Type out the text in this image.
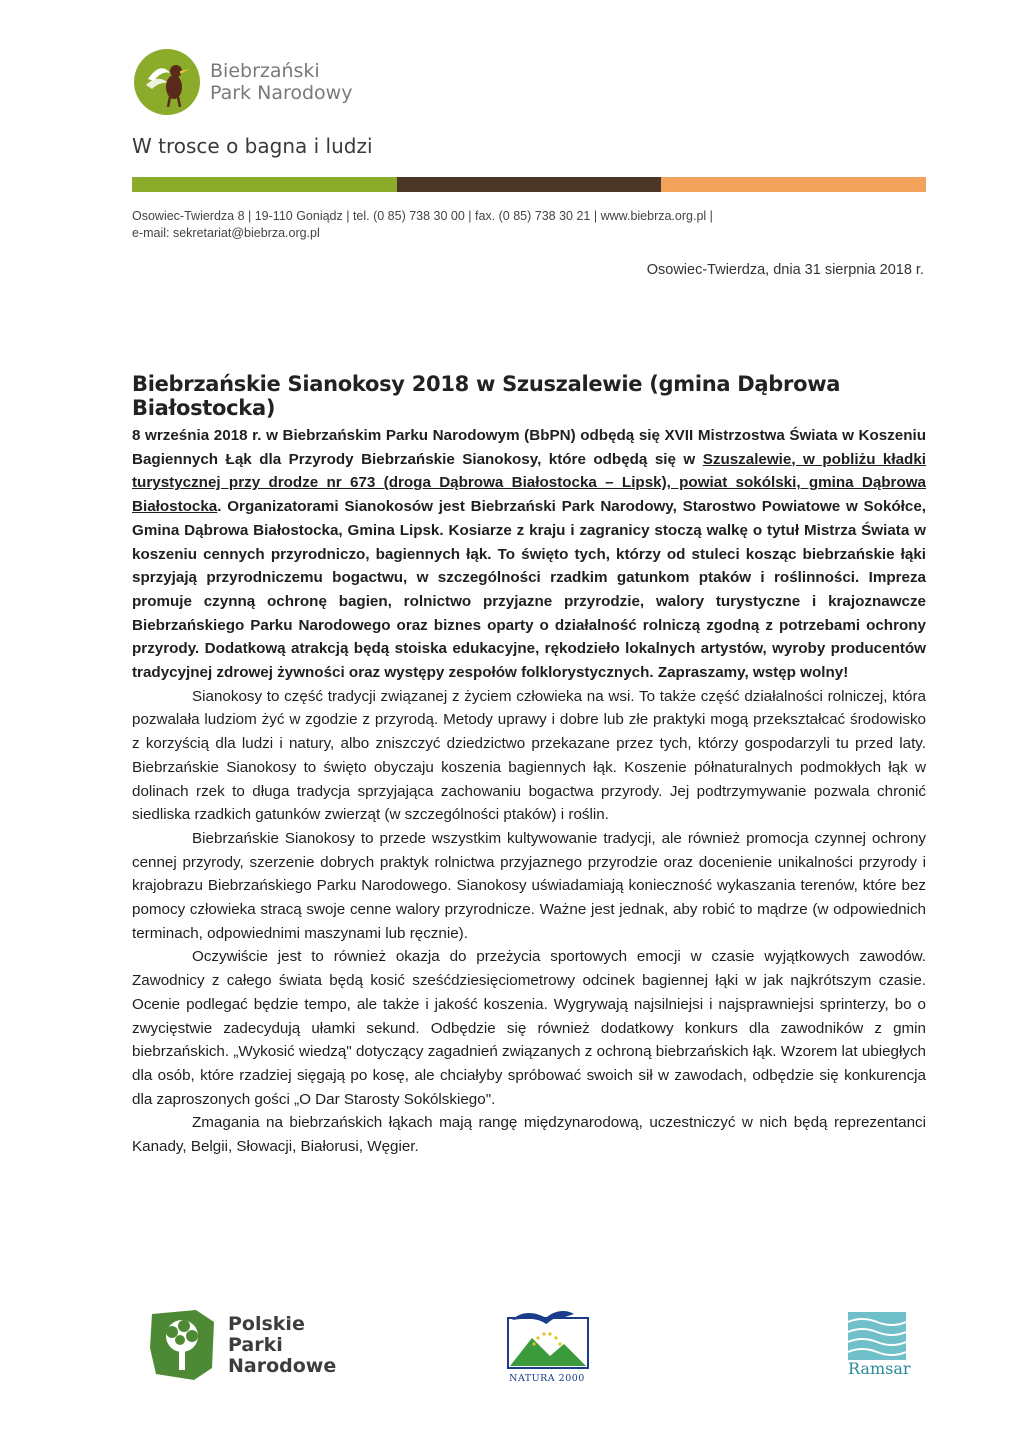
Biebrzański
Park Narodowy
W trosce o bagna i ludzi
Osowiec-Twierdza 8 | 19-110 Goniądz | tel. (0 85) 738 30 00 | fax. (0 85) 738 30 21 | www.biebrza.org.pl |
e-mail: sekretariat@biebrza.org.pl
Osowiec-Twierdza, dnia 31 sierpnia 2018 r.
Biebrzańskie Sianokosy 2018 w Szuszalewie (gmina Dąbrowa Białostocka)

8 września 2018 r. w Biebrzańskim Parku Narodowym (BbPN) odbędą się XVII Mistrzostwa Świata w Koszeniu Bagiennych Łąk dla Przyrody Biebrzańskie Sianokosy, które odbędą się w Szuszalewie, w pobliżu kładki turystycznej przy drodze nr 673 (droga Dąbrowa Białostocka – Lipsk), powiat sokólski, gmina Dąbrowa Białostocka. Organizatorami Sianokosów jest Biebrzański Park Narodowy, Starostwo Powiatowe w Sokółce, Gmina Dąbrowa Białostocka, Gmina Lipsk. Kosiarze z kraju i zagranicy stoczą walkę o tytuł Mistrza Świata w koszeniu cennych przyrodniczo, bagiennych łąk. To święto tych, którzy od stuleci kosząc biebrzańskie łąki sprzyjają przyrodniczemu bogactwu, w szczególności rzadkim gatunkom ptaków i roślinności. Impreza promuje czynną ochronę bagien, rolnictwo przyjazne przyrodzie, walory turystyczne i krajoznawcze Biebrzańskiego Parku Narodowego oraz biznes oparty o działalność rolniczą zgodną z potrzebami ochrony przyrody. Dodatkową atrakcją będą stoiska edukacyjne, rękodzieło lokalnych artystów, wyroby producentów tradycyjnej zdrowej żywności oraz występy zespołów folklorystycznych. Zapraszamy, wstęp wolny!

Sianokosy to część tradycji związanej z życiem człowieka na wsi. To także część działalności rolniczej, która pozwalała ludziom żyć w zgodzie z przyrodą. Metody uprawy i dobre lub złe praktyki mogą przekształcać środowisko z korzyścią dla ludzi i natury, albo zniszczyć dziedzictwo przekazane przez tych, którzy gospodarzyli tu przed laty. Biebrzańskie Sianokosy to święto obyczaju koszenia bagiennych łąk. Koszenie półnaturalnych podmokłych łąk w dolinach rzek to długa tradycja sprzyjająca zachowaniu bogactwa przyrody. Jej podtrzymywanie pozwala chronić siedliska rzadkich gatunków zwierząt (w szczególności ptaków) i roślin.

Biebrzańskie Sianokosy to przede wszystkim kultywowanie tradycji, ale również promocja czynnej ochrony cennej przyrody, szerzenie dobrych praktyk rolnictwa przyjaznego przyrodzie oraz docenienie unikalności przyrody i krajobrazu Biebrzańskiego Parku Narodowego. Sianokosy uświadamiają konieczność wykaszania terenów, które bez pomocy człowieka stracą swoje cenne walory przyrodnicze. Ważne jest jednak, aby robić to mądrze (w odpowiednich terminach, odpowiednimi maszynami lub ręcznie).

Oczywiście jest to również okazja do przeżycia sportowych emocji w czasie wyjątkowych zawodów. Zawodnicy z całego świata będą kosić sześćdziesięciometrowy odcinek bagiennej łąki w jak najkrótszym czasie. Ocenie podlegać będzie tempo, ale także i jakość koszenia. Wygrywają najsilniejsi i najsprawniejsi sprinterzy, bo o zwycięstwie zadecydują ułamki sekund. Odbędzie się również dodatkowy konkurs dla zawodników z gmin biebrzańskich. „Wykosić wiedzą" dotyczący zagadnień związanych z ochroną biebrzańskich łąk. Wzorem lat ubiegłych dla osób, które rzadziej sięgają po kosę, ale chciałyby spróbować swoich sił w zawodach, odbędzie się konkurencja dla zaproszonych gości „O Dar Starosty Sokólskiego".

Zmagania na biebrzańskich łąkach mają rangę międzynarodową, uczestniczyć w nich będą reprezentanci Kanady, Belgii, Słowacji, Białorusi, Węgier.

Polskie
Parki
Narodowe
NATURA 2000
Ramsar
